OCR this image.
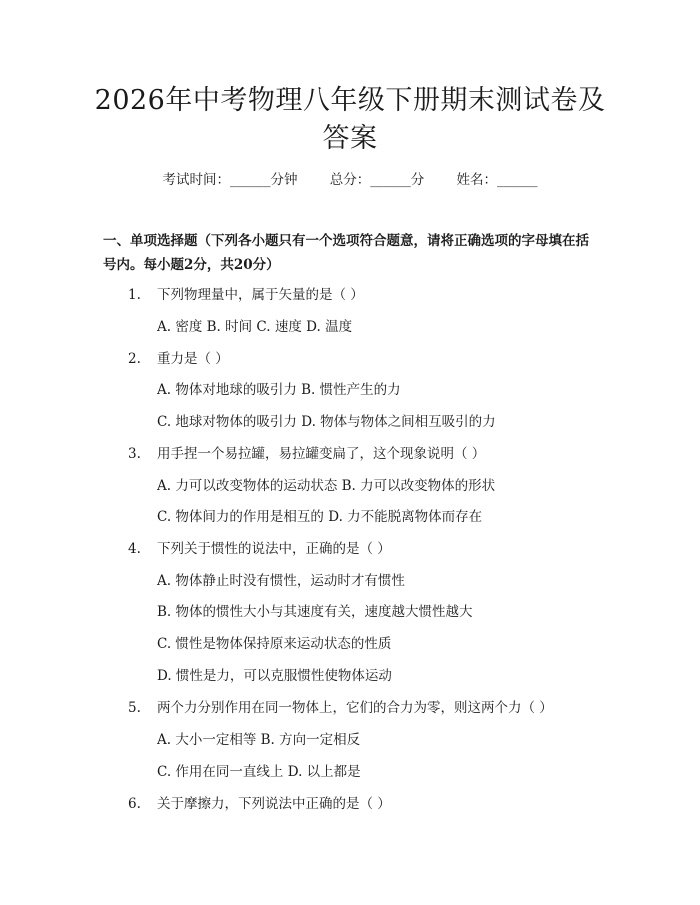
2026年中考物理八年级下册期末测试卷及答案
考试时间：______分钟 总分：______分 姓名：______
一、单项选择题（下列各小题只有一个选项符合题意，请将正确选项的字母填在括号内。每小题2分，共20分）
1. 下列物理量中，属于矢量的是（ ）
A. 密度 B. 时间 C. 速度 D. 温度
2. 重力是（ ）
A. 物体对地球的吸引力 B. 惯性产生的力
C. 地球对物体的吸引力 D. 物体与物体之间相互吸引的力
3. 用手捏一个易拉罐，易拉罐变扁了，这个现象说明（ ）
A. 力可以改变物体的运动状态 B. 力可以改变物体的形状
C. 物体间力的作用是相互的 D. 力不能脱离物体而存在
4. 下列关于惯性的说法中，正确的是（ ）
A. 物体静止时没有惯性，运动时才有惯性
B. 物体的惯性大小与其速度有关，速度越大惯性越大
C. 惯性是物体保持原来运动状态的性质
D. 惯性是力，可以克服惯性使物体运动
5. 两个力分别作用在同一物体上，它们的合力为零，则这两个力（ ）
A. 大小一定相等 B. 方向一定相反
C. 作用在同一直线上 D. 以上都是
6. 关于摩擦力，下列说法中正确的是（ ）
